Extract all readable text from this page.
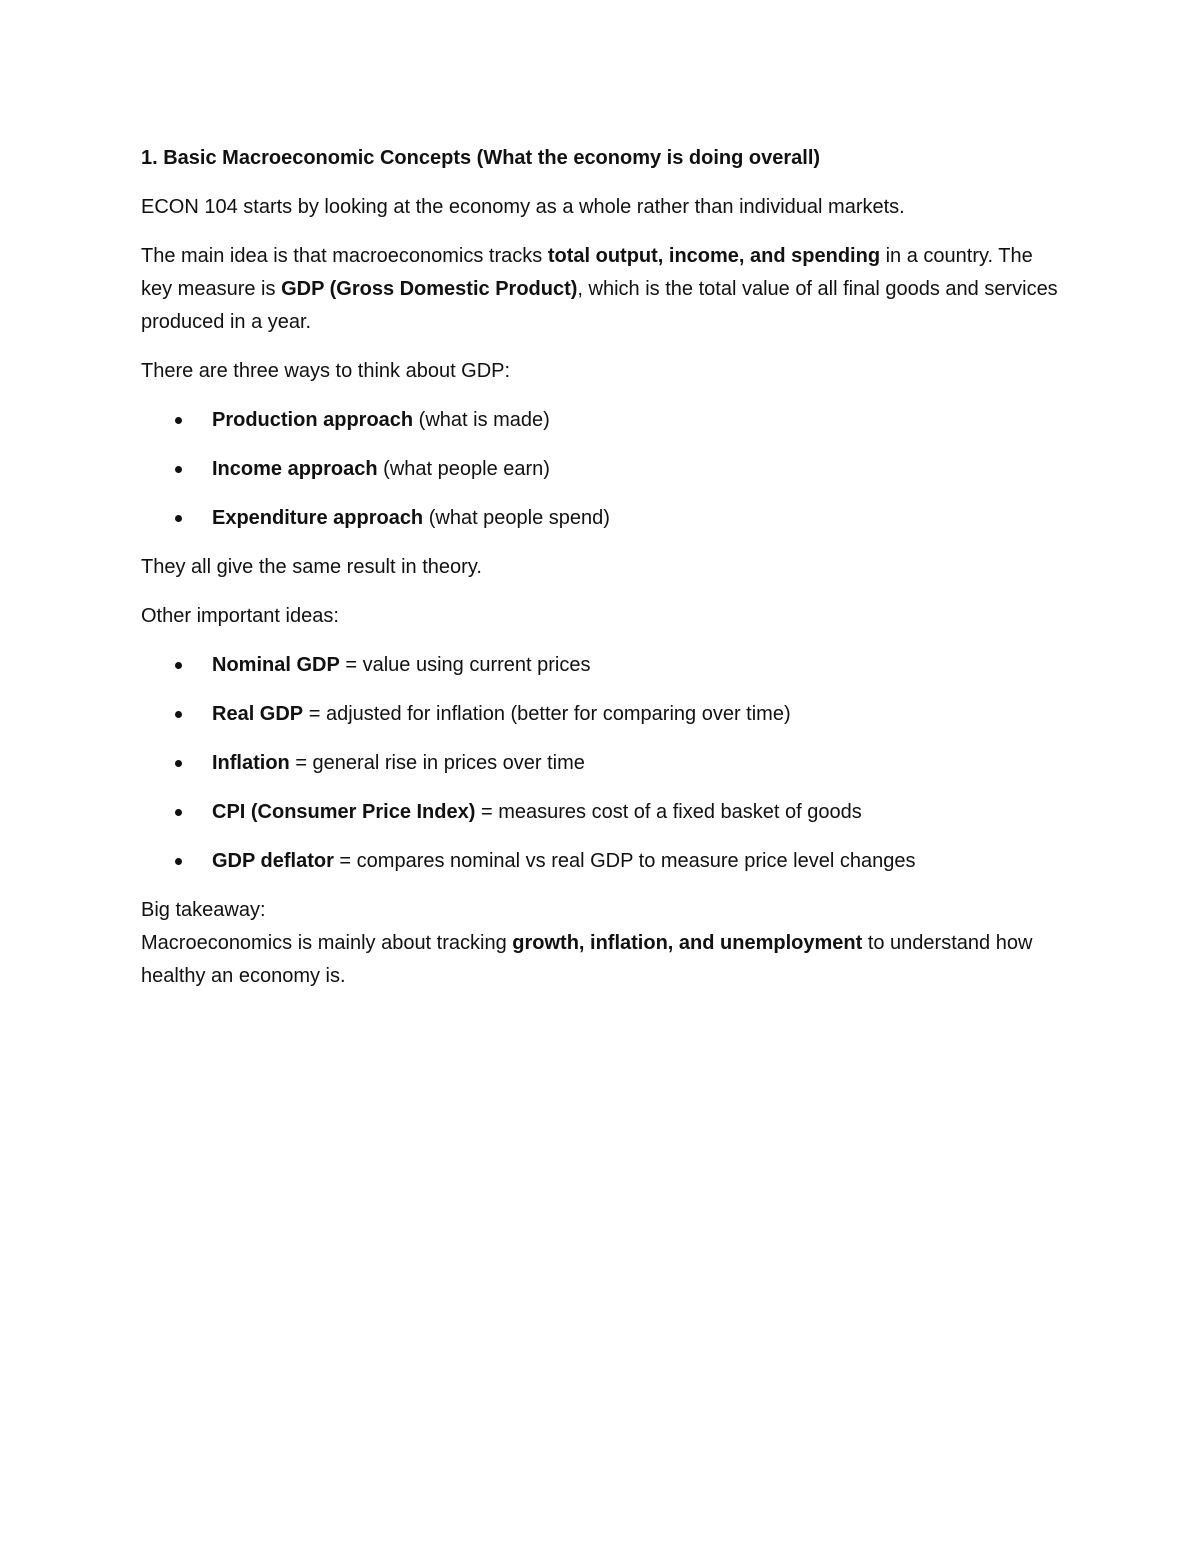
1. Basic Macroeconomic Concepts (What the economy is doing overall)

ECON 104 starts by looking at the economy as a whole rather than individual markets.

The main idea is that macroeconomics tracks total output, income, and spending in a country. The key measure is GDP (Gross Domestic Product), which is the total value of all final goods and services produced in a year.

There are three ways to think about GDP:

Production approach (what is made)
Income approach (what people earn)
Expenditure approach (what people spend)

They all give the same result in theory.

Other important ideas:

Nominal GDP = value using current prices
Real GDP = adjusted for inflation (better for comparing over time)
Inflation = general rise in prices over time
CPI (Consumer Price Index) = measures cost of a fixed basket of goods
GDP deflator = compares nominal vs real GDP to measure price level changes

Big takeaway:
Macroeconomics is mainly about tracking growth, inflation, and unemployment to understand how healthy an economy is.
